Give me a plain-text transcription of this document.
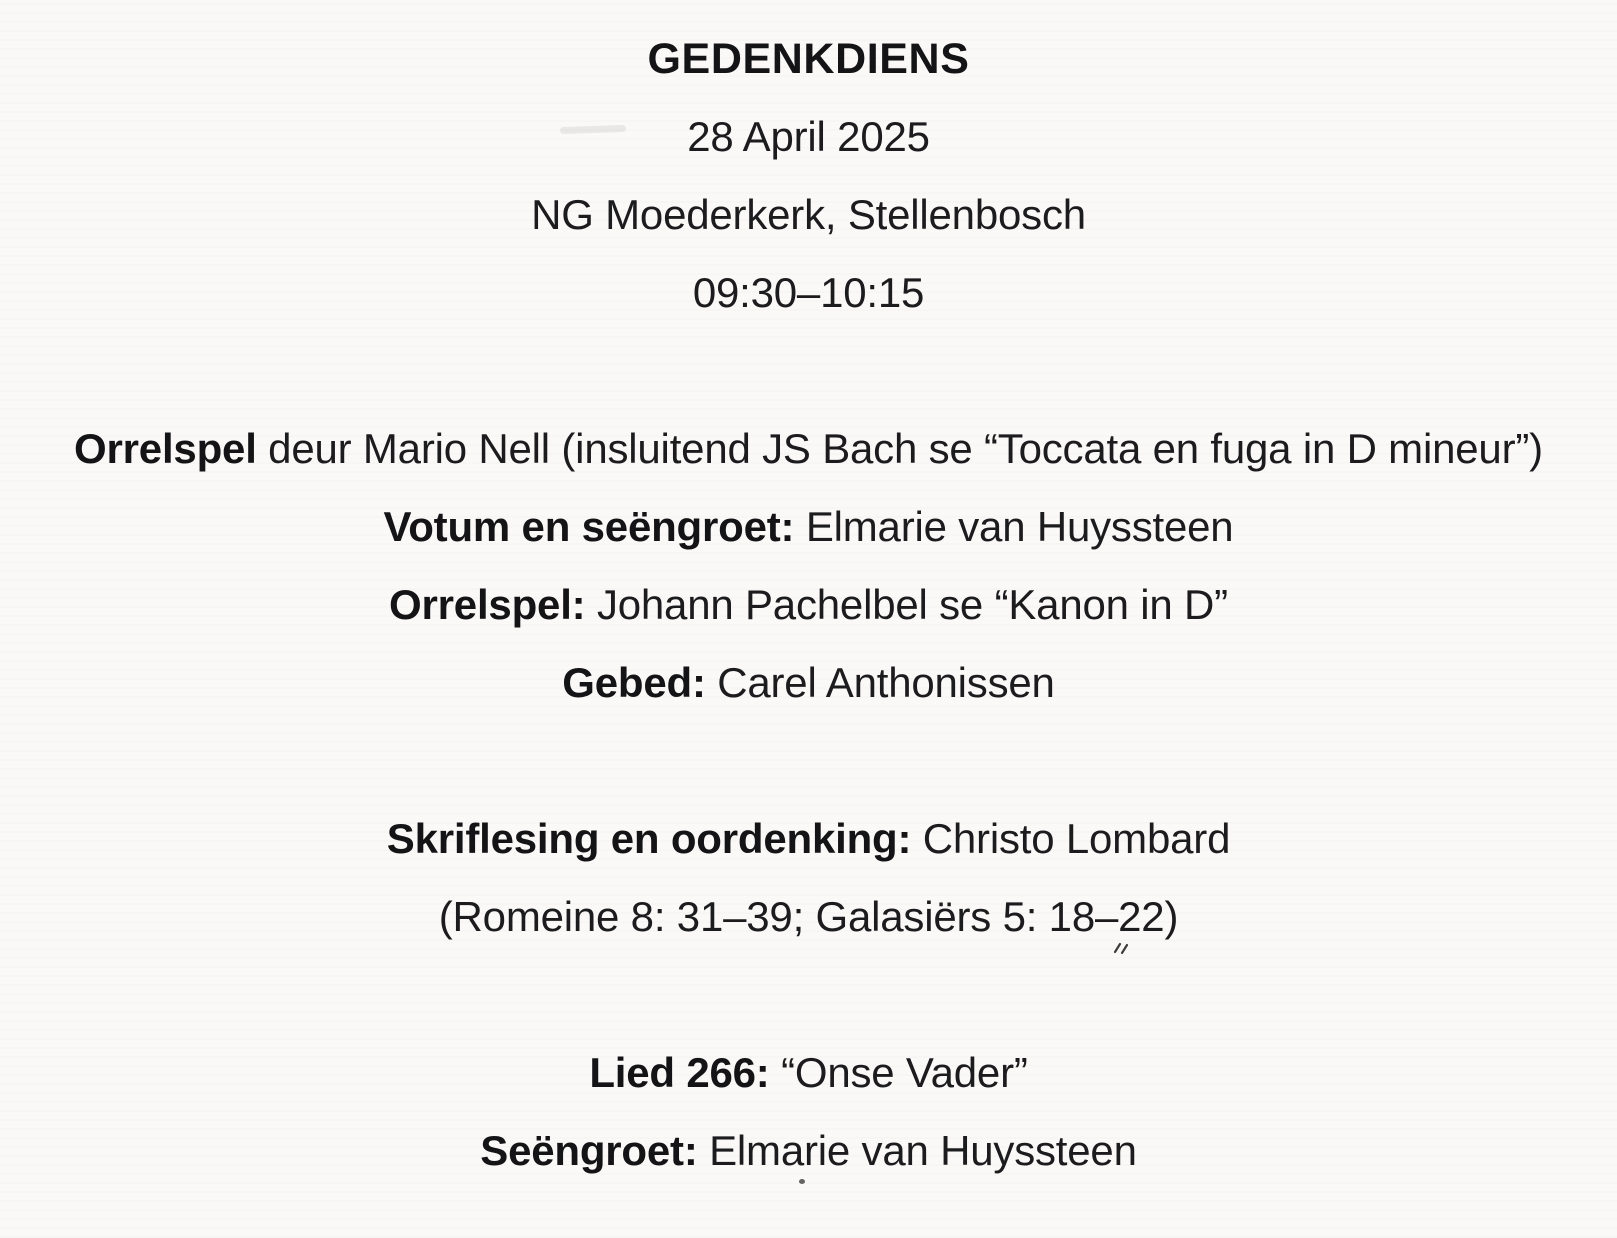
GEDENKDIENS
28 April 2025
NG Moederkerk, Stellenbosch
09:30–10:15
Orrelspel deur Mario Nell (insluitend JS Bach se “Toccata en fuga in D mineur”)
Votum en seëngroet: Elmarie van Huyssteen
Orrelspel: Johann Pachelbel se “Kanon in D”
Gebed: Carel Anthonissen
Skriflesing en oordenking: Christo Lombard
(Romeine 8: 31–39; Galasiërs 5: 18–22)
Lied 266: “Onse Vader”
Seëngroet: Elmarie van Huyssteen
